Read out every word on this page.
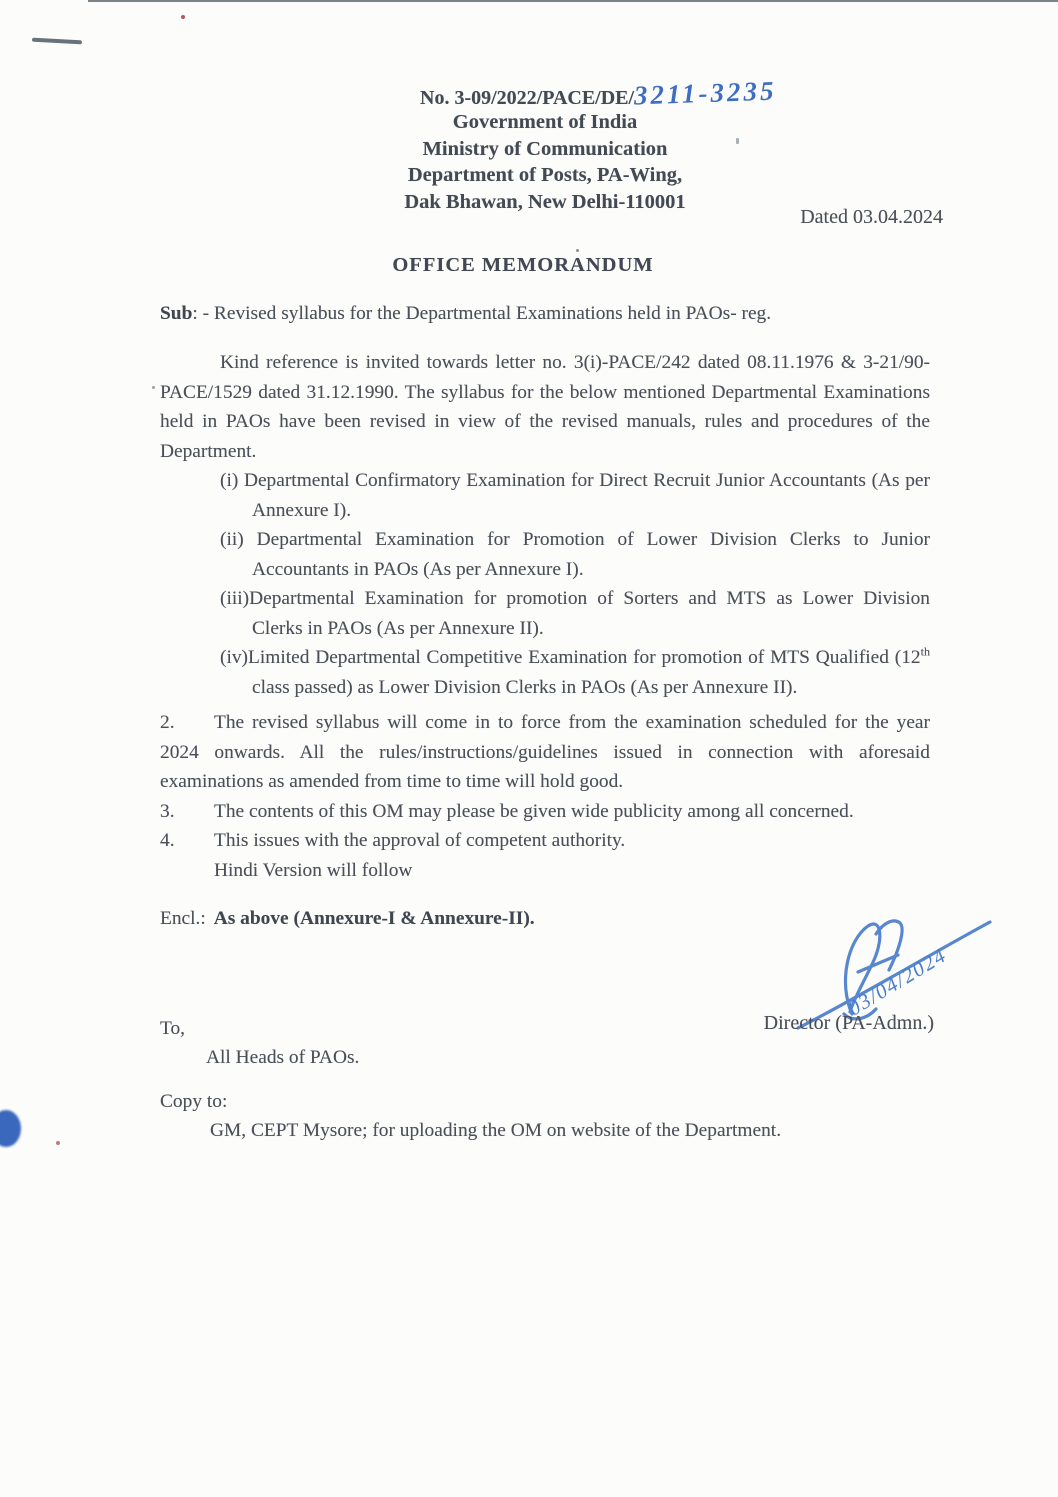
No. 3-09/2022/PACE/DE/3211-3235
Government of India
Ministry of Communication
Department of Posts, PA-Wing,
Dak Bhawan, New Delhi-110001
Dated 03.04.2024
OFFICE MEMORANDUM
Sub: - Revised syllabus for the Departmental Examinations held in PAOs- reg.

Kind reference is invited towards letter no. 3(i)-PACE/242 dated 08.11.1976 & 3-21/90-PACE/1529 dated 31.12.1990. The syllabus for the below mentioned Departmental Examinations held in PAOs have been revised in view of the revised manuals, rules and procedures of the Department.

(i) Departmental Confirmatory Examination for Direct Recruit Junior Accountants (As per Annexure I).
(ii) Departmental Examination for Promotion of Lower Division Clerks to Junior Accountants in PAOs (As per Annexure I).
(iii)Departmental Examination for promotion of Sorters and MTS as Lower Division Clerks in PAOs (As per Annexure II).
(iv)Limited Departmental Competitive Examination for promotion of MTS Qualified (12th class passed) as Lower Division Clerks in PAOs (As per Annexure II).
2. The revised syllabus will come in to force from the examination scheduled for the year 2024 onwards. All the rules/instructions/guidelines issued in connection with aforesaid examinations as amended from time to time will hold good.
3. The contents of this OM may please be given wide publicity among all concerned.
4. This issues with the approval of competent authority.
Hindi Version will follow
Encl.: As above (Annexure-I & Annexure-II).
To,
All Heads of PAOs.
Copy to:
GM, CEPT Mysore; for uploading the OM on website of the Department.
03/04/2024
Director (PA-Admn.)
